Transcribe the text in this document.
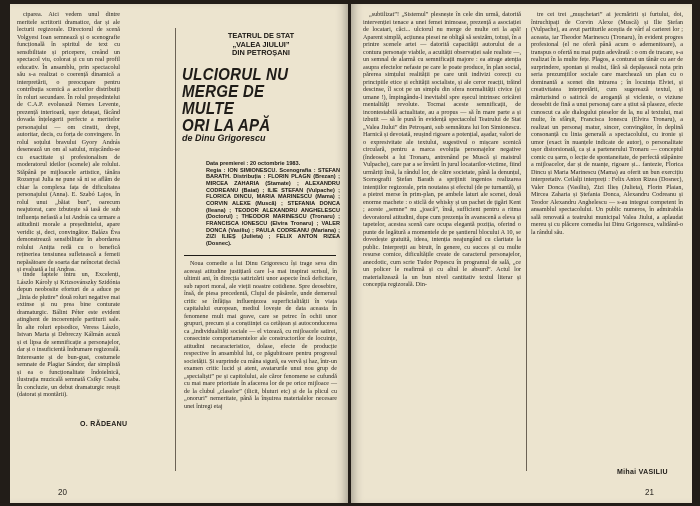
ciparea. Aici vedem unul dintre meritele scriitorii dramatice, dar și ale lecturii regizorale. Directorul de scenă Volgyesi Ioan semnează și o scenografie funcțională în spiritul de text cu sensibilitate și pricepere, creând un spectacol viu, colorat și cu un real profil educativ. În ansamblu, prin spectacolul său s-a realizat o coerență dinamică a interpretării, o preocupare pentru contribuția scenică a actorilor distribuiți în roluri secundare. În rolul președintelui de C.A.P. evoluează Nemes Levente, prezență interioară, ușor detașat, făcând dovada înțelegerii perfecte a meritelor personajului — om cinstit, drept, autoritar, decis, cu forța de convingere. În rolul soțului bravului Gyory András desenează un om al satului, mișcându-se cu exactitate și profesionalism de moderatorul ideilor (scenele) ale rolului. Stăpână pe mijloacele artistice, tânăra Rozsnyai Julia ne pune să ni se aflăm de chiar la complexa fața de dificultatea personajului (Anna). E. Szabó Lajos, în rolul unui „băiat bun”, oarecum neajutorat, care izbutește să iasă de sub influența nefastă a lui András ca urmare a atitudinii morale a președintelui, apare veridic și, deci, convingător. Balázs Éva demonstrează sensibilitate în abordarea rolului Anițta redă cu o benefică rețineriea tensiunea sufletească a femeii nepăsătoare de soarta dar neîncetat decisă și evaluată a lui Andras.

tinde faptele întru un, Excelenți, Lászlo Károly și Krizsovánszky Szidónia depun neobosite eforturi de a aduce pe „linia de plutire” două roluri negative mai extinse și nu prea bine conturate dramaturgic. Bálint Péter este evident atinghent de incoerențele partiturii sale. În alte roluri episodice, Veress Lászlo, Istvan Marta și Debreczy Kálmán acuză și ei lipsa de semnificație a personajelor, dar și o insuficientă îndrumare regizorală. Interesante și de bun-gust, costumele semnate de Plagiar Sándor, dar simplistă și ea o funcționalitate îndoielnică, ilustrația muzicală semnată Csiky Csaba. În concluzie, un debut dramaturgic reușit (datorat și montării).

O. RĂDEANU
TEATRUL DE STAT
„VALEA JIULUI”
DIN PETROȘANI
ULCIORUL NU
MERGE DE MULTE
ORI LA APĂ
de Dinu Grigorescu
Data premierei : 20 octombrie 1983.
Regia : ION SIMIONESCU. Scenografia : STEFAN BARATH. Distribuția : FLORIN PLAGN (Brezan) ; MIRCEA ZAHARIA (Stamate) ; ALEXANDRU CODREANU (Baiat) ; ILIE STEFAN (Vulpache) ; FLORICA DINCU, MARIA MARINESCU (Mama) ; CORVIN ALEXE (Muscă) ; STEFANIA DONCA (Ileana) ; TEODOR ALEXANDRU ANGHELESCU (Doctorul) ; THEODOR MARINESCU (Tronaru) ; FRANCISCA IONESCU (Elvira Tronaru) ; VALER DONCA (Vasiliu) ; PAULA CODREANU (Mariana) ; ZIZI ILIEȘ (Julieta) ; FELIX ANTON RIZEA (Dosnec).

Noua comedie a lui Dinu Grigorescu își trage seva din aceeași atitudine justițiară care l-a mai inspirat scrisul, în ultimii ani, în direcția satirizării unor aspecte încă deficitare, sub raport moral, ale vieții noastre cotidiene. Spre deosebire, însă, de piesa precedentă, Clujul de păsărele, unde demersul critic se înfățișa influențezea superficialității în viața capitalului european, mediul lovește de data aceasta în fenomene mult mai grave, care se petrec în ochii unor grupuri, precum și a conștiinței ca cetățean și autoconducerea ca „individualități sociale — el vizează, cu mijloacele satirei, consecinte comportamentelor ale constructorilor de locuințe, atitudini necaracteristice, dolase, efecte de producție respective în ansamblul lui, ce păgubitoare pentru progresul societății. Și surprinde cu mâna sigură, ea vervă și haz, într-un examen critic lucid și atent, avatarurile unui nou grup de „specialiști” pe și capitolului, ale căror fenomene se cufundă cu mai mare prioritate în afacerea lor de pe orice mijloace — de la clubul „claselor” (ilicit, bluturi etc) și de la plicul cu „onoruri” nemeritate, până la înșuirea materialelor necesare unei întregi etaj

20

„subtilizat”! „Sistemul” plesnește în cele din urmă, datorită intervenției tenace a unei femei inimoase, prezență a asociației de locatari, căci... ulciorul nu merge de multe ori la apă! Aparent simplă, acțiunea piesei ne obligă să sesizăm, totuși, în a printre scenele artei — datorită capacității autorului de a contura personaje viabile, a acuității observației sale realiste —, un semnal de alarmă cu semnificații majore : ea atrage atenția asupra efectelor nefaste pe care le poate produce, în plan social, părerea simțului realității pe care unii indivizi corecți cu principiile etice și echității socialiste, și ale ceror reacții, trăind descinse, îl scot pe un simplu din sfera normalității civice (și umane !), împingându-l inevitabil spre eșecul intrinsec oricărei mentalități revolute. Tocmai aceste semnificații, de incontestabilă actualitate, au a propus — să în mare parte a și izbutit — să le pună în evidență spectacolul Teatrului de Stat „Valea Jiului” din Petroșani, sub semnătura lui Ion Simionescu. Harnică și devotată, reușind rigoare a potențial, așadar, valori de o expresivitate ale textului, sugestivul o mișcare scenică circulară, pentru a marca evoluția personajelor negative (îndeosebi a lui Tronaru, antrenând pe Muscă și maistrul Vulpache), care par a se învârti în jurul locatarilor-victime, fiind urmăriți însă, la rândul lor, de către societate, până la denunțul, Scenografii Ștefan Barath a sprijinit ingenios realizarea intențiilor regizorale, prin noutatea și efectul (de pe turnantă), și a pietrei merse în prim-plan, pe ambele laturi ale scenei, două enorme machete : o sticlă de whisky și un pachet de țigări Kent ; aceste „semne” nu „joacă”, însă, sufficient pentru a ritma devoratorul atitudini, dupe cum prezența în avanscenă a eleva și tapetelor, acestea scenă care ocupa elegantă poziția, oferind o punte de legătură a momentele de pe șantierul blocului A 10, se dovedește gratuită, ideea, intenția neajungând cu claritate la public. Interpreții au biruit, în genere, cu succes și cu multe resurse comice, dificultățile create de caracterul personajelor, anecdotic, cum scrie Tudor Popescu în programul de sală, „ce un policer le reafirmă și cu altul le absurd”. Actul lor materializează la un bun nivel cantitativ textul literar și concepția regizorală. Din-

tre cei trei „mușchetari” ai jecmăririi și furtului, doi, întruchipați de Corvin Alexe (Muscă) și Ilie Ștefan (Vulpache), au avut partiturile aceștia de vârf al carierei lor ; aceasta, iar Theodor Marinescu (Tronaru), în evident progres profesional (el ne oferă până acum o ademenitoare), a transpus o ofertă nu mai puțin adevărată : o om de tracare, s-a realizat în la multe fețe. Plagos, a conturat un tânăr cu aer de surprindere, spontan și realist, fără să depășească nota prin seria prezumțiilor sociale care marchează un plan cu o dominantă a scenei din intrarea ; în locuința Elviei, și creativitatea interpretării, cum sugerează textul, și mărturisind o satirică de aroganță și viclenie, o viziune deosebit de fină a unui personaj care a știut să plaseze, efecte cunoscut ca ale dialogului pieselor de la, nu al textului, mai multe, în sfârșit, Francisca Ionescu (Elvira Tronaru), a realizat un personaj matur, sincer, convingător, în deplină consonanță cu linia generală a spectacolului, cu ironie și umor (exact în nuanțele indicate de autor), o personalitate ușor distorsionată, ca și a partenerului Tronaru — conceptul comic cu șarm, o lecție de spontaneitate, de perfectă stăpânire a mijloacelor, dar și de nuanțe, rigoare și... fantezie, Florica Dincu și Maria Marinescu (Mama) au oferit un bun exercițiu interpretativ. Ceilalți interpreți : Felix Anton Rizea (Dosnec), Valer Donca (Vasiliu), Zizi Ilieș (Julieta), Florin Plaian, Mircea Zaharia și Ștefania Donca, Alexandru Codreanu și Teodor Alexandru Anghelescu — s-au integrat competent în ansamblul spectacolului. Un public numeros, în admirabila sală renovată a teatrului municipal Valea Jiului, a aplaudat mereu și cu plăcere comedia lui Dinu Grigorescu, validând-o la rândul său.

Mihai VASILIU
21
